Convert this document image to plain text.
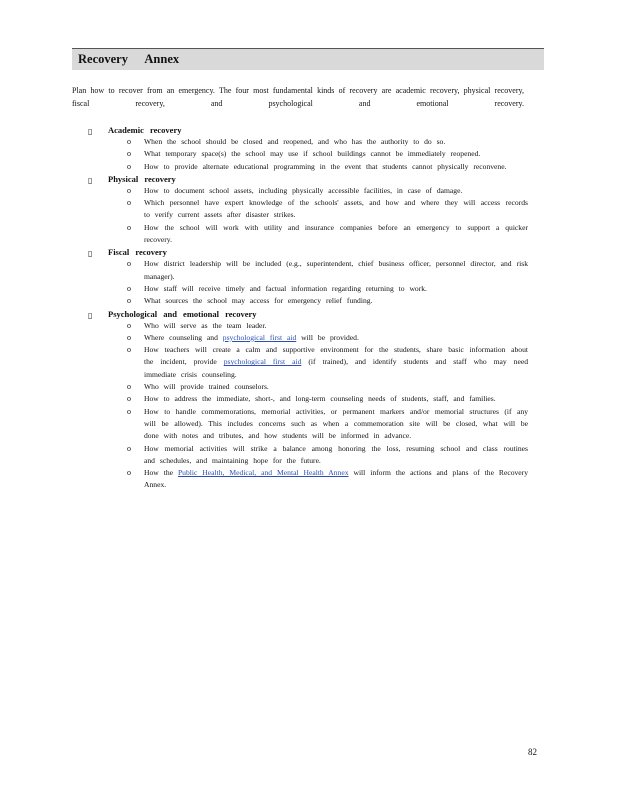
Recovery Annex

Plan how to recover from an emergency. The four most fundamental kinds of recovery are academic recovery, physical recovery, fiscal recovery, and psychological and emotional recovery.

▯ Academic recovery
o When the school should be closed and reopened, and who has the authority to do so.
o What temporary space(s) the school may use if school buildings cannot be immediately reopened.
o How to provide alternate educational programming in the event that students cannot physically reconvene.
▯ Physical recovery
o How to document school assets, including physically accessible facilities, in case of damage.
o Which personnel have expert knowledge of the schools' assets, and how and where they will access records to verify current assets after disaster strikes.
o How the school will work with utility and insurance companies before an emergency to support a quicker recovery.
▯ Fiscal recovery
o How district leadership will be included (e.g., superintendent, chief business officer, personnel director, and risk manager).
o How staff will receive timely and factual information regarding returning to work.
o What sources the school may access for emergency relief funding.
▯ Psychological and emotional recovery
o Who will serve as the team leader.
o Where counseling and psychological first aid will be provided.
o How teachers will create a calm and supportive environment for the students, share basic information about the incident, provide psychological first aid (if trained), and identify students and staff who may need immediate crisis counseling.
o Who will provide trained counselors.
o How to address the immediate, short-, and long-term counseling needs of students, staff, and families.
o How to handle commemorations, memorial activities, or permanent markers and/or memorial structures (if any will be allowed). This includes concerns such as when a commemoration site will be closed, what will be done with notes and tributes, and how students will be informed in advance.
o How memorial activities will strike a balance among honoring the loss, resuming school and class routines and schedules, and maintaining hope for the future.
o How the Public Health, Medical, and Mental Health Annex will inform the actions and plans of the Recovery Annex.
82
